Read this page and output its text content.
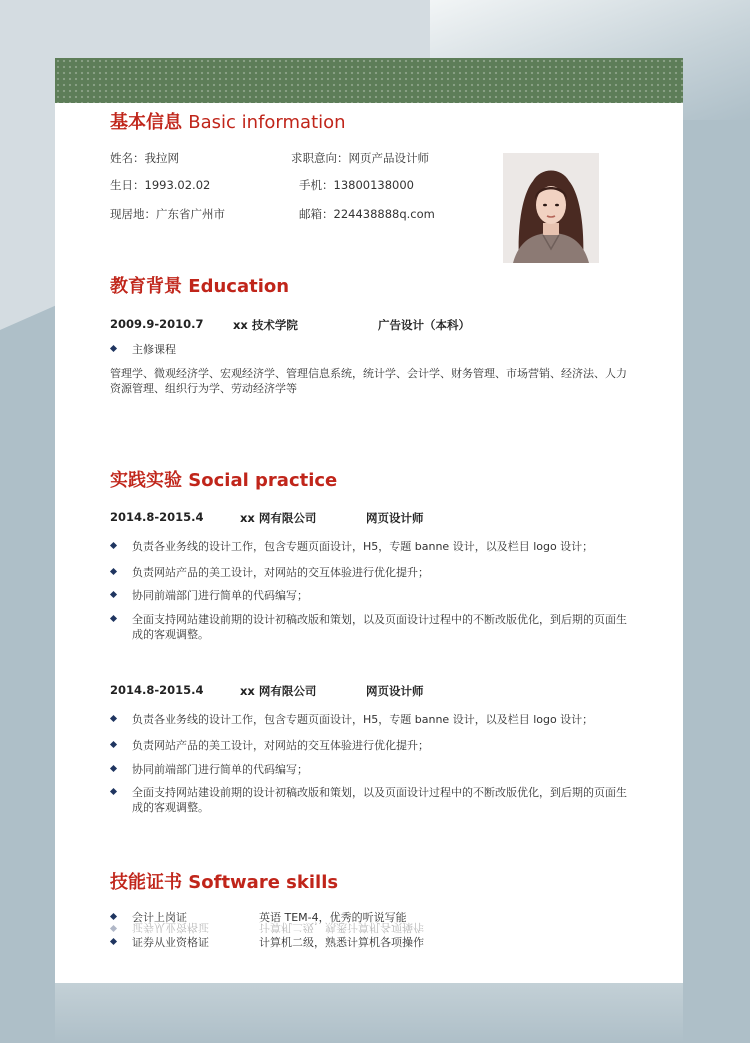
基本信息 Basic information
姓名：我拉网	求职意向：网页产品设计师
生日：1993.02.02	手机：13800138000
现居地：广东省广州市	邮箱：224438888q.com
教育背景 Education
2009.9-2010.7	xx 技术学院	广告设计（本科）
主修课程
管理学、微观经济学、宏观经济学、管理信息系统，统计学、会计学、财务管理、市场营销、经济法、人力资源管理、组织行为学、劳动经济学等
实践实验 Social practice
2014.8-2015.4	xx 网有限公司	网页设计师
负责各业务线的设计工作，包含专题页面设计，H5，专题 banne 设计，以及栏目 logo 设计；
负责网站产品的美工设计，对网站的交互体验进行优化提升；
协同前端部门进行简单的代码编写；
全面支持网站建设前期的设计初稿改版和策划，以及页面设计过程中的不断改版优化，到后期的页面生成的客观调整。
2014.8-2015.4	xx 网有限公司	网页设计师
负责各业务线的设计工作，包含专题页面设计，H5，专题 banne 设计，以及栏目 logo 设计；
负责网站产品的美工设计，对网站的交互体验进行优化提升；
协同前端部门进行简单的代码编写；
全面支持网站建设前期的设计初稿改版和策划，以及页面设计过程中的不断改版优化，到后期的页面生成的客观调整。
技能证书 Software skills
会计上岗证	英语 TEM-4，优秀的听说写能
证券从业资格证	计算机二级，熟悉计算机各项操作
证券从业资格证	计算机二级，熟悉计算机各项操作
